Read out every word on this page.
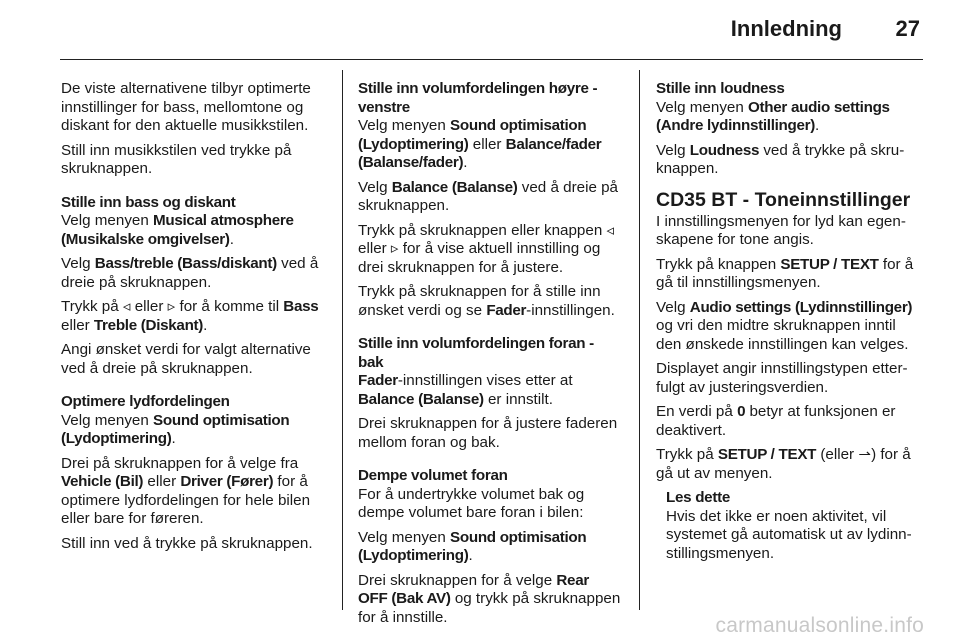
Innledning 27

De viste alternativene tilbyr optimerte innstillinger for bass, mellomtone og diskant for den aktuelle musikkstilen.

Still inn musikkstilen ved trykke på skruknappen.

Stille inn bass og diskant

Velg menyen Musical atmosphere (Musikalske omgivelser).

Velg Bass/treble (Bass/diskant) ved å dreie på skruknappen.

Trykk på ◃ eller ▹ for å komme til Bass eller Treble (Diskant).

Angi ønsket verdi for valgt alternative ved å dreie på skruknappen.

Optimere lydfordelingen

Velg menyen Sound optimisation (Lydoptimering).

Drei på skruknappen for å velge fra Vehicle (Bil) eller Driver (Fører) for å optimere lydfordelingen for hele bilen eller bare for føreren.

Still inn ved å trykke på skruknappen.

Stille inn volumfordelingen høyre - venstre

Velg menyen Sound optimisation (Lydoptimering) eller Balance/fader (Balanse/fader).

Velg Balance (Balanse) ved å dreie på skruknappen.

Trykk på skruknappen eller knappen ◃ eller ▹ for å vise aktuell innstilling og drei skruknappen for å justere.

Trykk på skruknappen for å stille inn ønsket verdi og se Fader-innstillingen.

Stille inn volumfordelingen foran - bak

Fader-innstillingen vises etter at Balance (Balanse) er innstilt.

Drei skruknappen for å justere faderen mellom foran og bak.

Dempe volumet foran

For å undertrykke volumet bak og dempe volumet bare foran i bilen:

Velg menyen Sound optimisation (Lydoptimering).

Drei skruknappen for å velge Rear OFF (Bak AV) og trykk på skruknappen for å innstille.

Stille inn loudness

Velg menyen Other audio settings (Andre lydinnstillinger).

Velg Loudness ved å trykke på skruknappen.

CD35 BT - Toneinnstillinger

I innstillingsmenyen for lyd kan egenskapene for tone angis.

Trykk på knappen SETUP / TEXT for å gå til innstillingsmenyen.

Velg Audio settings (Lydinnstillinger) og vri den midtre skruknappen inntil den ønskede innstillingen kan velges.

Displayet angir innstillingstypen etterfulgt av justeringsverdien.

En verdi på 0 betyr at funksjonen er deaktivert.

Trykk på SETUP / TEXT (eller ⇀) for å gå ut av menyen.

Les dette
Hvis det ikke er noen aktivitet, vil systemet gå automatisk ut av lydinnstillingsmenyen.
carmanualsonline.info
